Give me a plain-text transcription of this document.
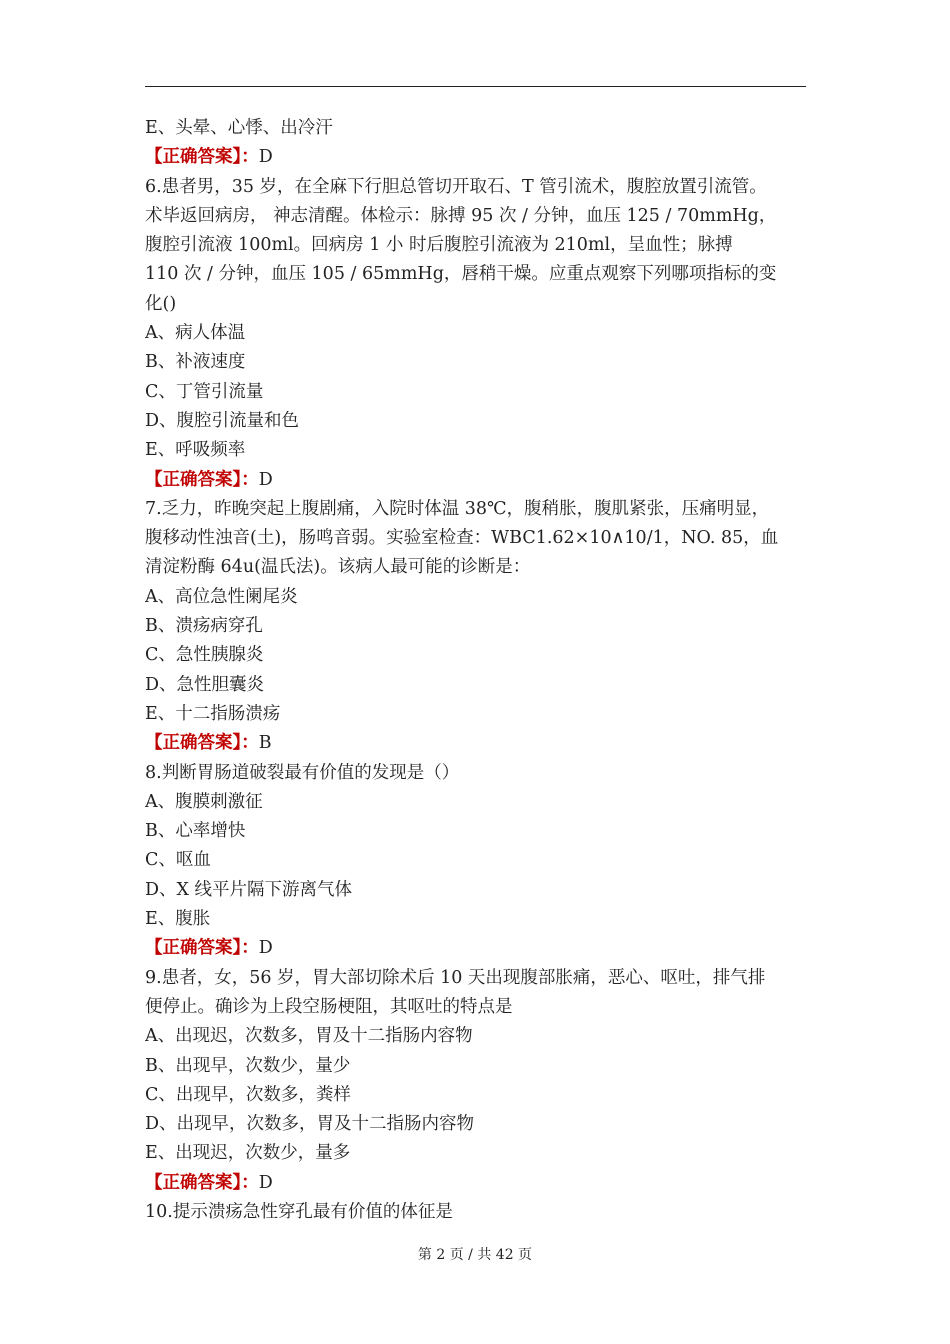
E、头晕、心悸、出冷汗
【正确答案】：D
6.患者男，35 岁，在全麻下行胆总管切开取石、T 管引流术，腹腔放置引流管。
术毕返回病房， 神志清醒。体检示：脉搏 95 次 / 分钟，血压 125 / 70mmHg，
腹腔引流液 100ml。回病房 1 小 时后腹腔引流液为 210ml，呈血性；脉搏
110 次 / 分钟，血压 105 / 65mmHg，唇稍干燥。应重点观察下列哪项指标的变
化()
A、病人体温
B、补液速度
C、丁管引流量
D、腹腔引流量和色
E、呼吸频率
【正确答案】：D
7.乏力，昨晚突起上腹剧痛，入院时体温 38℃，腹稍胀，腹肌紧张，压痛明显，
腹移动性浊音(土)，肠鸣音弱。实验室检查：WBC1.62×10∧10/1，NO. 85，血
清淀粉酶 64u(温氏法)。该病人最可能的诊断是：
A、高位急性阑尾炎
B、溃疡病穿孔
C、急性胰腺炎
D、急性胆囊炎
E、十二指肠溃疡
【正确答案】：B
8.判断胃肠道破裂最有价值的发现是（）
A、腹膜刺激征
B、心率增快
C、呕血
D、X 线平片隔下游离气体
E、腹胀
【正确答案】：D
9.患者，女，56 岁，胃大部切除术后 10 天出现腹部胀痛，恶心、呕吐，排气排
便停止。确诊为上段空肠梗阻，其呕吐的特点是
A、出现迟，次数多，胃及十二指肠内容物
B、出现早，次数少，量少
C、出现早，次数多，粪样
D、出现早，次数多，胃及十二指肠内容物
E、出现迟，次数少，量多
【正确答案】：D
10.提示溃疡急性穿孔最有价值的体征是
第 2 页 / 共 42 页
